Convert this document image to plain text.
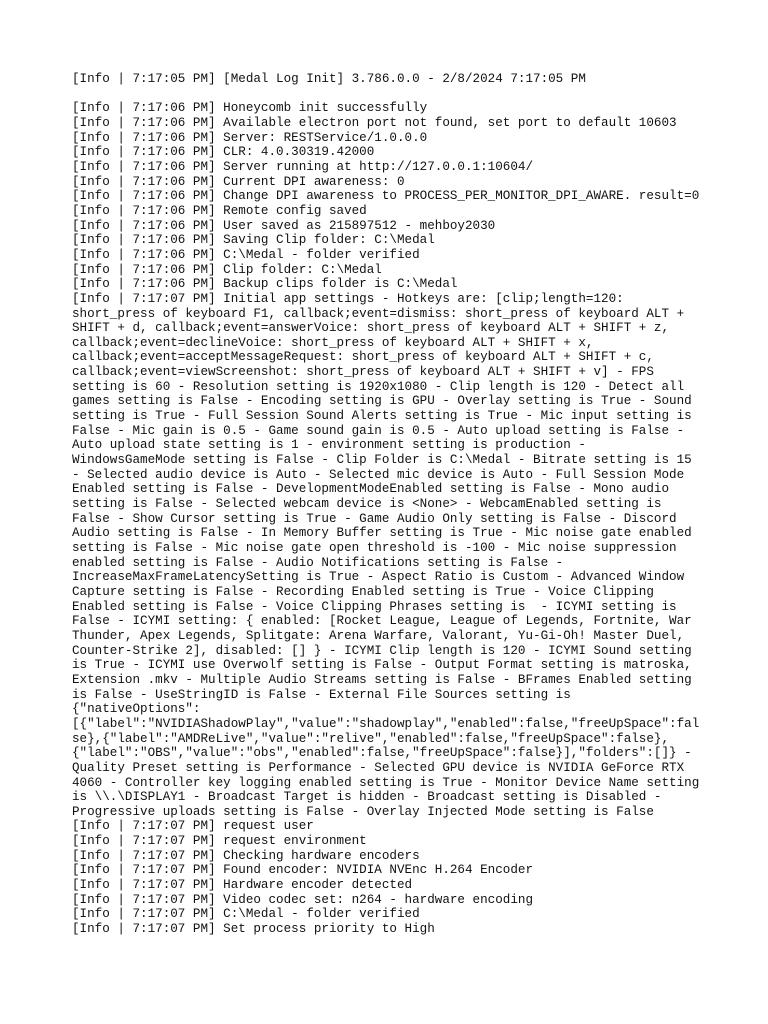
[Info | 7:17:05 PM] [Medal Log Init] 3.786.0.0 - 2/8/2024 7:17:05 PM

[Info | 7:17:06 PM] Honeycomb init successfully
[Info | 7:17:06 PM] Available electron port not found, set port to default 10603
[Info | 7:17:06 PM] Server: RESTService/1.0.0.0
[Info | 7:17:06 PM] CLR: 4.0.30319.42000
[Info | 7:17:06 PM] Server running at http://127.0.0.1:10604/
[Info | 7:17:06 PM] Current DPI awareness: 0
[Info | 7:17:06 PM] Change DPI awareness to PROCESS_PER_MONITOR_DPI_AWARE. result=0
[Info | 7:17:06 PM] Remote config saved
[Info | 7:17:06 PM] User saved as 215897512 - mehboy2030
[Info | 7:17:06 PM] Saving Clip folder: C:\Medal
[Info | 7:17:06 PM] C:\Medal - folder verified
[Info | 7:17:06 PM] Clip folder: C:\Medal
[Info | 7:17:06 PM] Backup clips folder is C:\Medal
[Info | 7:17:07 PM] Initial app settings - Hotkeys are: [clip;length=120:
short_press of keyboard F1, callback;event=dismiss: short_press of keyboard ALT +
SHIFT + d, callback;event=answerVoice: short_press of keyboard ALT + SHIFT + z,
callback;event=declineVoice: short_press of keyboard ALT + SHIFT + x,
callback;event=acceptMessageRequest: short_press of keyboard ALT + SHIFT + c,
callback;event=viewScreenshot: short_press of keyboard ALT + SHIFT + v] - FPS
setting is 60 - Resolution setting is 1920x1080 - Clip length is 120 - Detect all
games setting is False - Encoding setting is GPU - Overlay setting is True - Sound
setting is True - Full Session Sound Alerts setting is True - Mic input setting is
False - Mic gain is 0.5 - Game sound gain is 0.5 - Auto upload setting is False -
Auto upload state setting is 1 - environment setting is production -
WindowsGameMode setting is False - Clip Folder is C:\Medal - Bitrate setting is 15
- Selected audio device is Auto - Selected mic device is Auto - Full Session Mode
Enabled setting is False - DevelopmentModeEnabled setting is False - Mono audio
setting is False - Selected webcam device is <None> - WebcamEnabled setting is
False - Show Cursor setting is True - Game Audio Only setting is False - Discord
Audio setting is False - In Memory Buffer setting is True - Mic noise gate enabled
setting is False - Mic noise gate open threshold is -100 - Mic noise suppression
enabled setting is False - Audio Notifications setting is False -
IncreaseMaxFrameLatencySetting is True - Aspect Ratio is Custom - Advanced Window
Capture setting is False - Recording Enabled setting is True - Voice Clipping
Enabled setting is False - Voice Clipping Phrases setting is  - ICYMI setting is
False - ICYMI setting: { enabled: [Rocket League, League of Legends, Fortnite, War
Thunder, Apex Legends, Splitgate: Arena Warfare, Valorant, Yu-Gi-Oh! Master Duel,
Counter-Strike 2], disabled: [] } - ICYMI Clip length is 120 - ICYMI Sound setting
is True - ICYMI use Overwolf setting is False - Output Format setting is matroska,
Extension .mkv - Multiple Audio Streams setting is False - BFrames Enabled setting
is False - UseStringID is False - External File Sources setting is
{"nativeOptions":
[{"label":"NVIDIAShadowPlay","value":"shadowplay","enabled":false,"freeUpSpace":fal
se},{"label":"AMDReLive","value":"relive","enabled":false,"freeUpSpace":false},
{"label":"OBS","value":"obs","enabled":false,"freeUpSpace":false}],"folders":[]} -
Quality Preset setting is Performance - Selected GPU device is NVIDIA GeForce RTX
4060 - Controller key logging enabled setting is True - Monitor Device Name setting
is \\.\DISPLAY1 - Broadcast Target is hidden - Broadcast setting is Disabled -
Progressive uploads setting is False - Overlay Injected Mode setting is False
[Info | 7:17:07 PM] request user
[Info | 7:17:07 PM] request environment
[Info | 7:17:07 PM] Checking hardware encoders
[Info | 7:17:07 PM] Found encoder: NVIDIA NVEnc H.264 Encoder
[Info | 7:17:07 PM] Hardware encoder detected
[Info | 7:17:07 PM] Video codec set: n264 - hardware encoding
[Info | 7:17:07 PM] C:\Medal - folder verified
[Info | 7:17:07 PM] Set process priority to High
